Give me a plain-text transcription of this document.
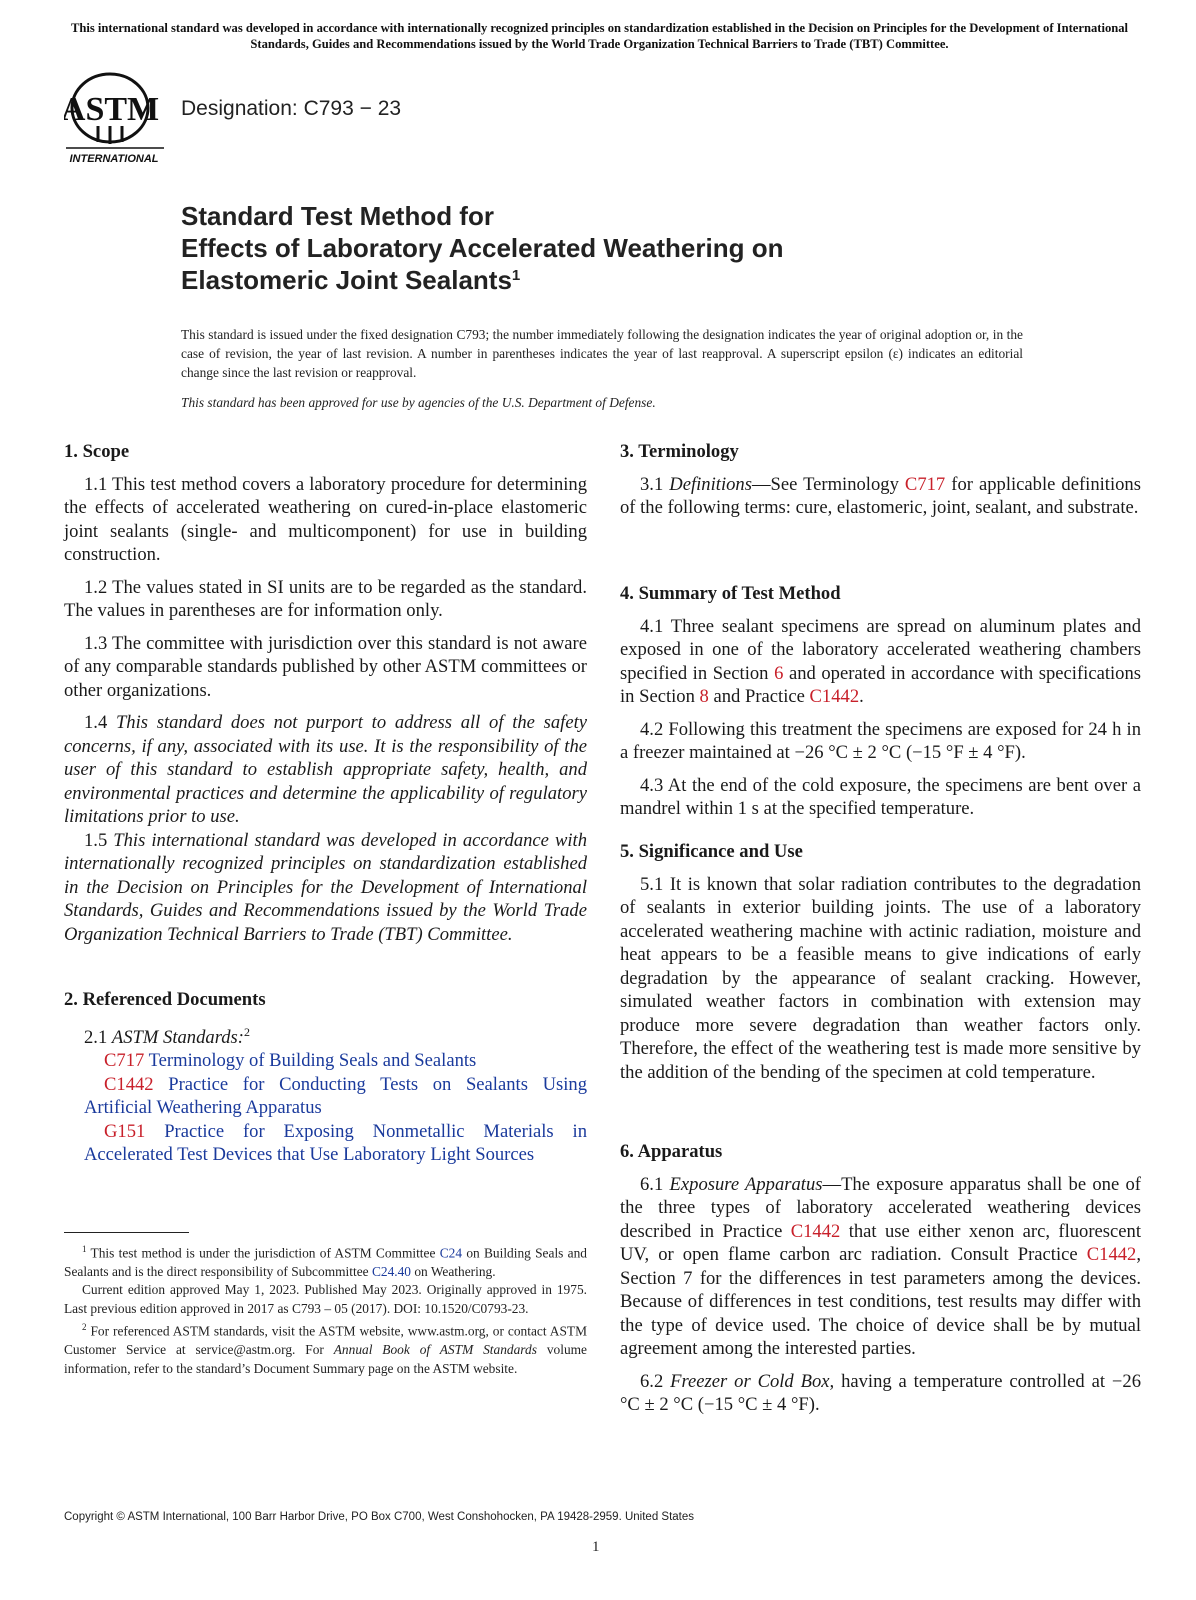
This international standard was developed in accordance with internationally recognized principles on standardization established in the Decision on Principles for the Development of International Standards, Guides and Recommendations issued by the World Trade Organization Technical Barriers to Trade (TBT) Committee.
ASTM
INTERNATIONAL
Designation: C793 − 23
Standard Test Method for
Effects of Laboratory Accelerated Weathering on
Elastomeric Joint Sealants$^1$
This standard is issued under the fixed designation C793; the number immediately following the designation indicates the year of original adoption or, in the case of revision, the year of last revision. A number in parentheses indicates the year of last reapproval. A superscript epsilon (ε) indicates an editorial change since the last revision or reapproval.
This standard has been approved for use by agencies of the U.S. Department of Defense.

1. Scope

1.1 This test method covers a laboratory procedure for determining the effects of accelerated weathering on cured-in-place elastomeric joint sealants (single- and multicomponent) for use in building construction.

1.2 The values stated in SI units are to be regarded as the standard. The values in parentheses are for information only.

1.3 The committee with jurisdiction over this standard is not aware of any comparable standards published by other ASTM committees or other organizations.

1.4 This standard does not purport to address all of the safety concerns, if any, associated with its use. It is the responsibility of the user of this standard to establish appropriate safety, health, and environmental practices and determine the applicability of regulatory limitations prior to use.

1.5 This international standard was developed in accordance with internationally recognized principles on standardization established in the Decision on Principles for the Development of International Standards, Guides and Recommendations issued by the World Trade Organization Technical Barriers to Trade (TBT) Committee.

2. Referenced Documents

2.1 ASTM Standards:$^2$

C717 Terminology of Building Seals and Sealants

C1442 Practice for Conducting Tests on Sealants Using Artificial Weathering Apparatus

G151 Practice for Exposing Nonmetallic Materials in Accelerated Test Devices that Use Laboratory Light Sources

$^1$ This test method is under the jurisdiction of ASTM Committee C24 on Building Seals and Sealants and is the direct responsibility of Subcommittee C24.40 on Weathering.

Current edition approved May 1, 2023. Published May 2023. Originally approved in 1975. Last previous edition approved in 2017 as C793 – 05 (2017). DOI: 10.1520/C0793-23.

$^2$ For referenced ASTM standards, visit the ASTM website, www.astm.org, or contact ASTM Customer Service at service@astm.org. For Annual Book of ASTM Standards volume information, refer to the standard’s Document Summary page on the ASTM website.

3. Terminology

3.1 Definitions—See Terminology C717 for applicable definitions of the following terms: cure, elastomeric, joint, sealant, and substrate.

4. Summary of Test Method

4.1 Three sealant specimens are spread on aluminum plates and exposed in one of the laboratory accelerated weathering chambers specified in Section 6 and operated in accordance with specifications in Section 8 and Practice C1442.

4.2 Following this treatment the specimens are exposed for 24 h in a freezer maintained at −26 °C ± 2 °C (−15 °F ± 4 °F).

4.3 At the end of the cold exposure, the specimens are bent over a mandrel within 1 s at the specified temperature.

5. Significance and Use

5.1 It is known that solar radiation contributes to the degradation of sealants in exterior building joints. The use of a laboratory accelerated weathering machine with actinic radiation, moisture and heat appears to be a feasible means to give indications of early degradation by the appearance of sealant cracking. However, simulated weather factors in combination with extension may produce more severe degradation than weather factors only. Therefore, the effect of the weathering test is made more sensitive by the addition of the bending of the specimen at cold temperature.

6. Apparatus

6.1 Exposure Apparatus—The exposure apparatus shall be one of the three types of laboratory accelerated weathering devices described in Practice C1442 that use either xenon arc, fluorescent UV, or open flame carbon arc radiation. Consult Practice C1442, Section 7 for the differences in test parameters among the devices. Because of differences in test conditions, test results may differ with the type of device used. The choice of device shall be by mutual agreement among the interested parties.

6.2 Freezer or Cold Box, having a temperature controlled at −26 °C ± 2 °C (−15 °C ± 4 °F).

Copyright © ASTM International, 100 Barr Harbor Drive, PO Box C700, West Conshohocken, PA 19428-2959. United States
1
